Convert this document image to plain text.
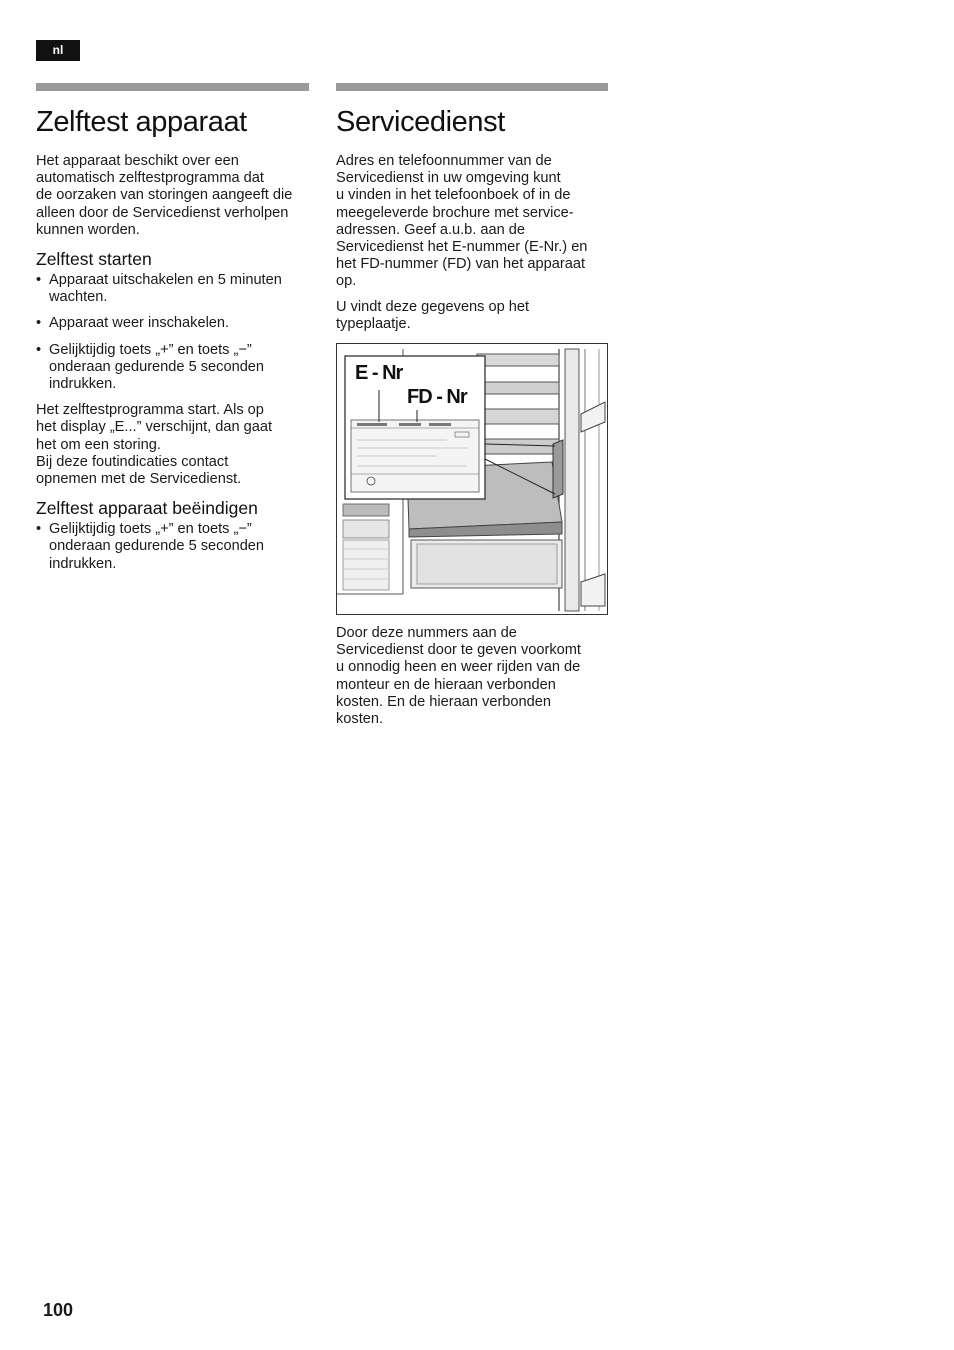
nl
Zelftest apparaat

Het apparaat beschikt over een
automatisch zelftestprogramma dat
de oorzaken van storingen aangeeft die
alleen door de Servicedienst verholpen
kunnen worden.

Zelftest starten
• Apparaat uitschakelen en 5 minuten
wachten.
• Apparaat weer inschakelen.
• Gelijktijdig toets „+” en toets „−”
onderaan gedurende 5 seconden
indrukken.

Het zelftestprogramma start. Als op
het display „E...” verschijnt, dan gaat
het om een storing.
Bij deze foutindicaties contact
opnemen met de Servicedienst.

Zelftest apparaat beëindigen
• Gelijktijdig toets „+” en toets „−”
onderaan gedurende 5 seconden
indrukken.
Servicedienst

Adres en telefoonnummer van de
Servicedienst in uw omgeving kunt
u vinden in het telefoonboek of in de
meegeleverde brochure met service-
adressen. Geef a.u.b. aan de
Servicedienst het E-nummer (E-Nr.) en
het FD-nummer (FD) van het apparaat
op.

U vindt deze gegevens op het
typeplaatje.

E - Nr
FD - Nr

Door deze nummers aan de
Servicedienst door te geven voorkomt
u onnodig heen en weer rijden van de
monteur en de hieraan verbonden
kosten. En de hieraan verbonden
kosten.

100
